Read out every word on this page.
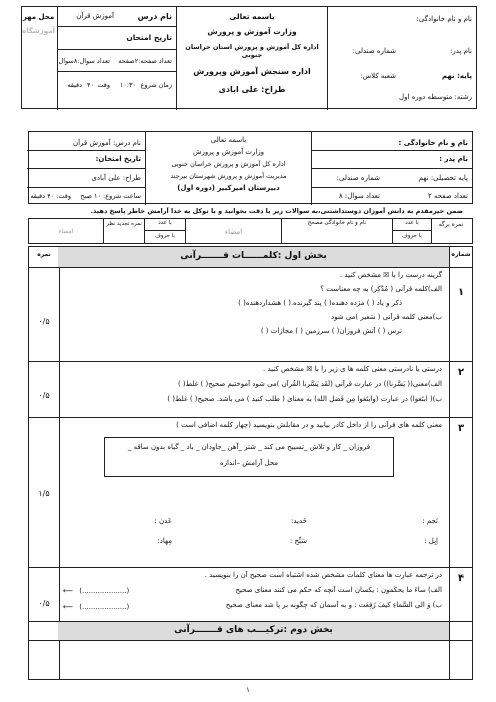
نام و نام خانوادگی:
نام پدر:
شماره صندلی:
پایه: نهم
شعبه کلاس:
رشته: متوسطه دوره اول
باسمه تعالی
وزارت آموزش و پرورش
اداره کل آموزش و پرورش استان خراسان جنوبی
اداره سنجش آموزش وپرورش
طراح: علی ابادی
نام درس
آموزش قرآن
تاریخ امتحان
تعداد صفحه:۲صفحه
تعداد سوال:۸سوال
زمان شروع
۱۰:۳۰
وقت
۴۰
دقیقه
محل مهر
آموزشگاه
نام و نام خانوادگی :
نام پدر :
پایه تحصیلی: نهم
شماره صندلی:
تعداد صفحه ۲
تعداد سوال: ۸
باسمه تعالی
وزارت آموزش و پرورش
اداره کل آموزش و پرورش خراسان جنوبی
مدیریت آموزش و پرورش شهرستان بیرجند
دبیرستان امیرکبیر (دوره اول)
نام درس: آموزش قرآن
تاریخ امتحان:
طراح: علی آبادی
ساعت شروع: ۱۰ صبح
وقت: ۴۰ دقیقه
ضمن خیرمقدم به دانش آموزان دوستداشتنی،به سوالات زیر با دقت بخوانید و با توکل به خدا آرامش خاطر پاسخ دهید.
نمره برگه
با عدد
با حروف
نام و نام خانوادگی مصحح
امضاء
با عدد
با حروف
نمره تجدید نظر
امضاء
شماره
نمره	بخش اول :کلمــــــات قـــــــرآنی
۱
۰/۵
گزینه درست را با ☒ مشخص کنید .
الف)کلمه قرآنی ( مُدَّکِر) به چه معناست ؟
ذکر و یاد ( ) مژده دهنده( ) پند گیرنده.( ) هشداردهنده( )
ب)معنی کلمه قرآنی ( سَعیر )می شود
ترس ( ) آتش فروزان( ) سرزمین ( ) مجازات ( )
۲
۰/۵
درستی یا نادرستی معنی کلمه ها ی زیر را با ☒ مشخص کنید .
الف)معنی(( یَسَّرنا)) در عبارت قرآنی (لَقَد یَسَّرنا القُرآن )می شود آموختیم صحیح( ) غلط( )
ب)( ابتَغوا) در عبارت (وابتَغوا مِن فَضلِ الله) به معنای ( طلب کنید ) می باشد. صحیح( ) غلط( )
۳
۱/۵
معنی کلمه های قرآنی را از داخل کادر بیابید و در مقابلش بنویسید (چهار کلمه اضافی است )
فروزان _ کار و تلاش _تسبیح می کند _ شتر _آهن _جاودان _ باد _ گیاه بدون ساقه _
محل آرامش –اندازه
نَجم :
خَدید:
عَدن :
اِبِل :
سَبِّح :
مِهاد:
۴
۰/۵
در ترجمه عبارت ها معنای کلمات مشخص شده اشتباه است صحیح آن را بنویسید .
الف) ساءَ ما یحکُمون : یکسان است آنچه که حکم می کنند معنای صحیح
ب) وَ الی السَّماءِ کیفَ رُفِعَت : و به آسمان که چگونه بر پا شد معنای صحیح
(....................) ⟵
(....................) ⟵
بخش دوم :ترکیـــب های قـــــــرآنی
۱
